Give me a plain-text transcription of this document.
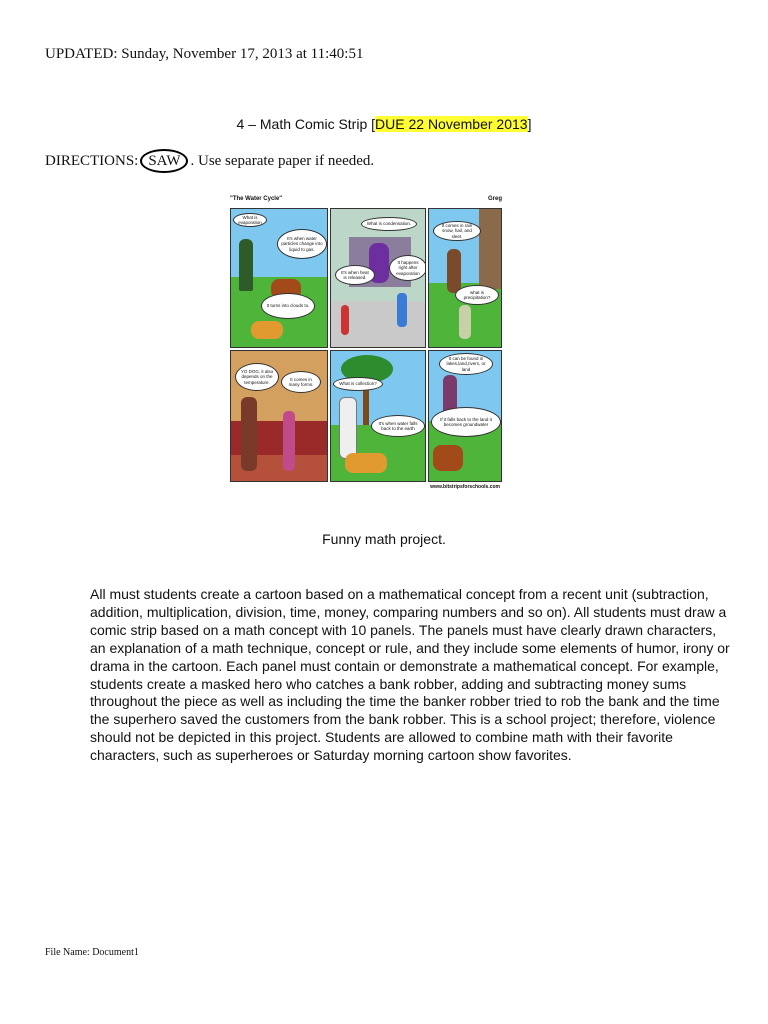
UPDATED: Sunday, November 17, 2013 at 11:40:51
4 – Math Comic Strip [DUE 22 November 2013]
DIRECTIONS: SAW . Use separate paper if needed.
"The Water Cycle"	Greg
What is evaporation
It's when water particles change into liquid to gas.
It turns into clouds to.
What is condensation.
It happens right after evaporation
It's when heat is released.
It comes in rain snow, hail, and sleet.
what is precipitation?
YO DOG, it also depends on the temperature.
It comes in many forms.	What is collection?
It's when water falls back to the earth
It can be found in lakes,land,rivers, or land
If it falls back to the land it becomes groundwater
www.bitstripsforschools.com
Funny math project.

All must students create a cartoon based on a mathematical concept from a recent unit (subtraction, addition, multiplication, division, time, money, comparing numbers and so on). All students must draw a comic strip based on a math concept with 10 panels. The panels must have clearly drawn characters, an explanation of a math technique, concept or rule, and they include some elements of humor, irony or drama in the cartoon. Each panel must contain or demonstrate a mathematical concept. For example, students create a masked hero who catches a bank robber, adding and subtracting money sums throughout the piece as well as including the time the banker robber tried to rob the bank and the time the superhero saved the customers from the bank robber. This is a school project; therefore, violence should not be depicted in this project. Students are allowed to combine math with their favorite characters, such as superheroes or Saturday morning cartoon show favorites.

File Name: Document1
